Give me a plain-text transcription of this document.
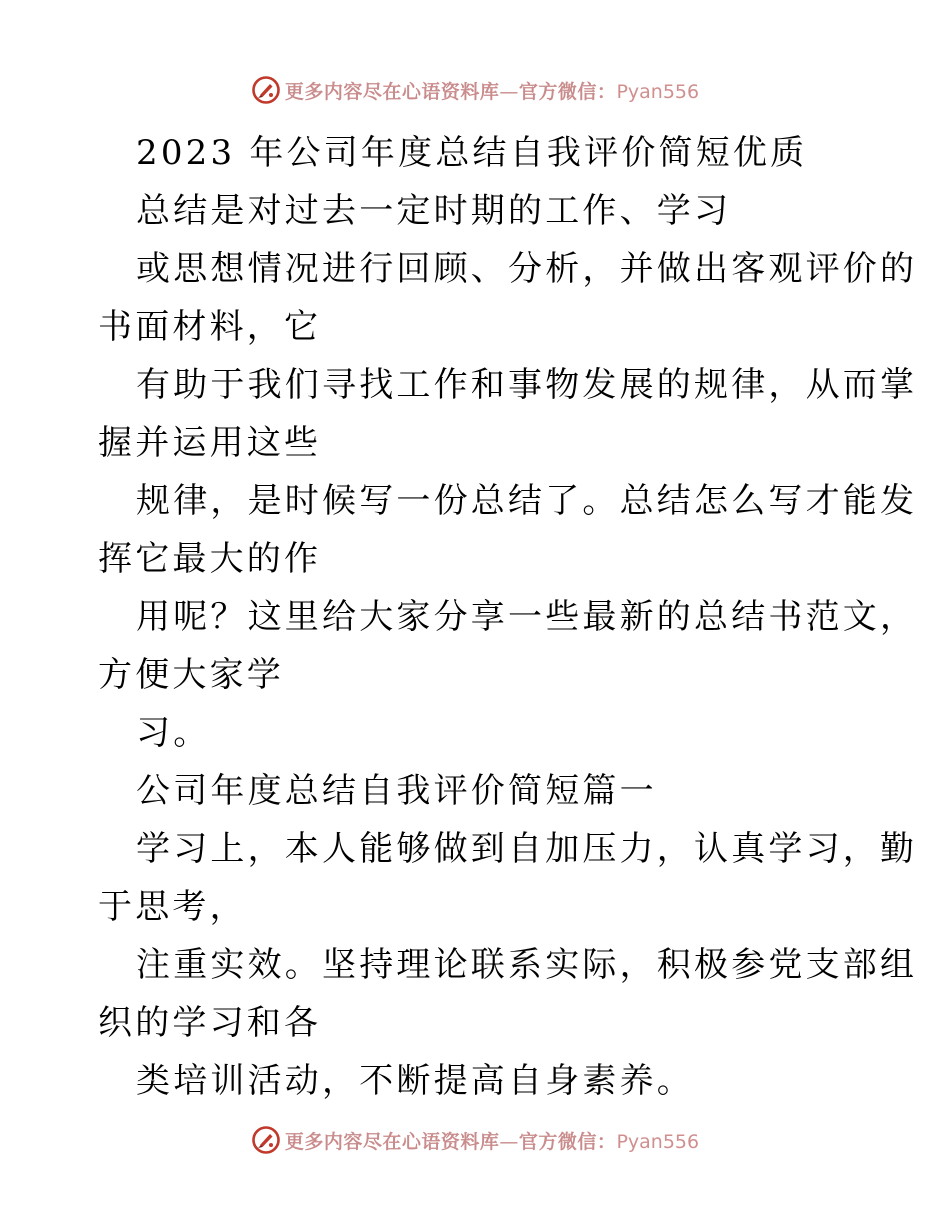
更多内容尽在心语资料库—官方微信：Pyan556
2023 年公司年度总结自我评价简短优质
总结是对过去一定时期的工作、学习
或思想情况进行回顾、分析，并做出客观评价的
书面材料，它
有助于我们寻找工作和事物发展的规律，从而掌
握并运用这些
规律，是时候写一份总结了。总结怎么写才能发
挥它最大的作
用呢？这里给大家分享一些最新的总结书范文，
方便大家学
习。
公司年度总结自我评价简短篇一
学习上，本人能够做到自加压力，认真学习，勤
于思考，
注重实效。坚持理论联系实际，积极参党支部组
织的学习和各
类培训活动，不断提高自身素养。
更多内容尽在心语资料库—官方微信：Pyan556
